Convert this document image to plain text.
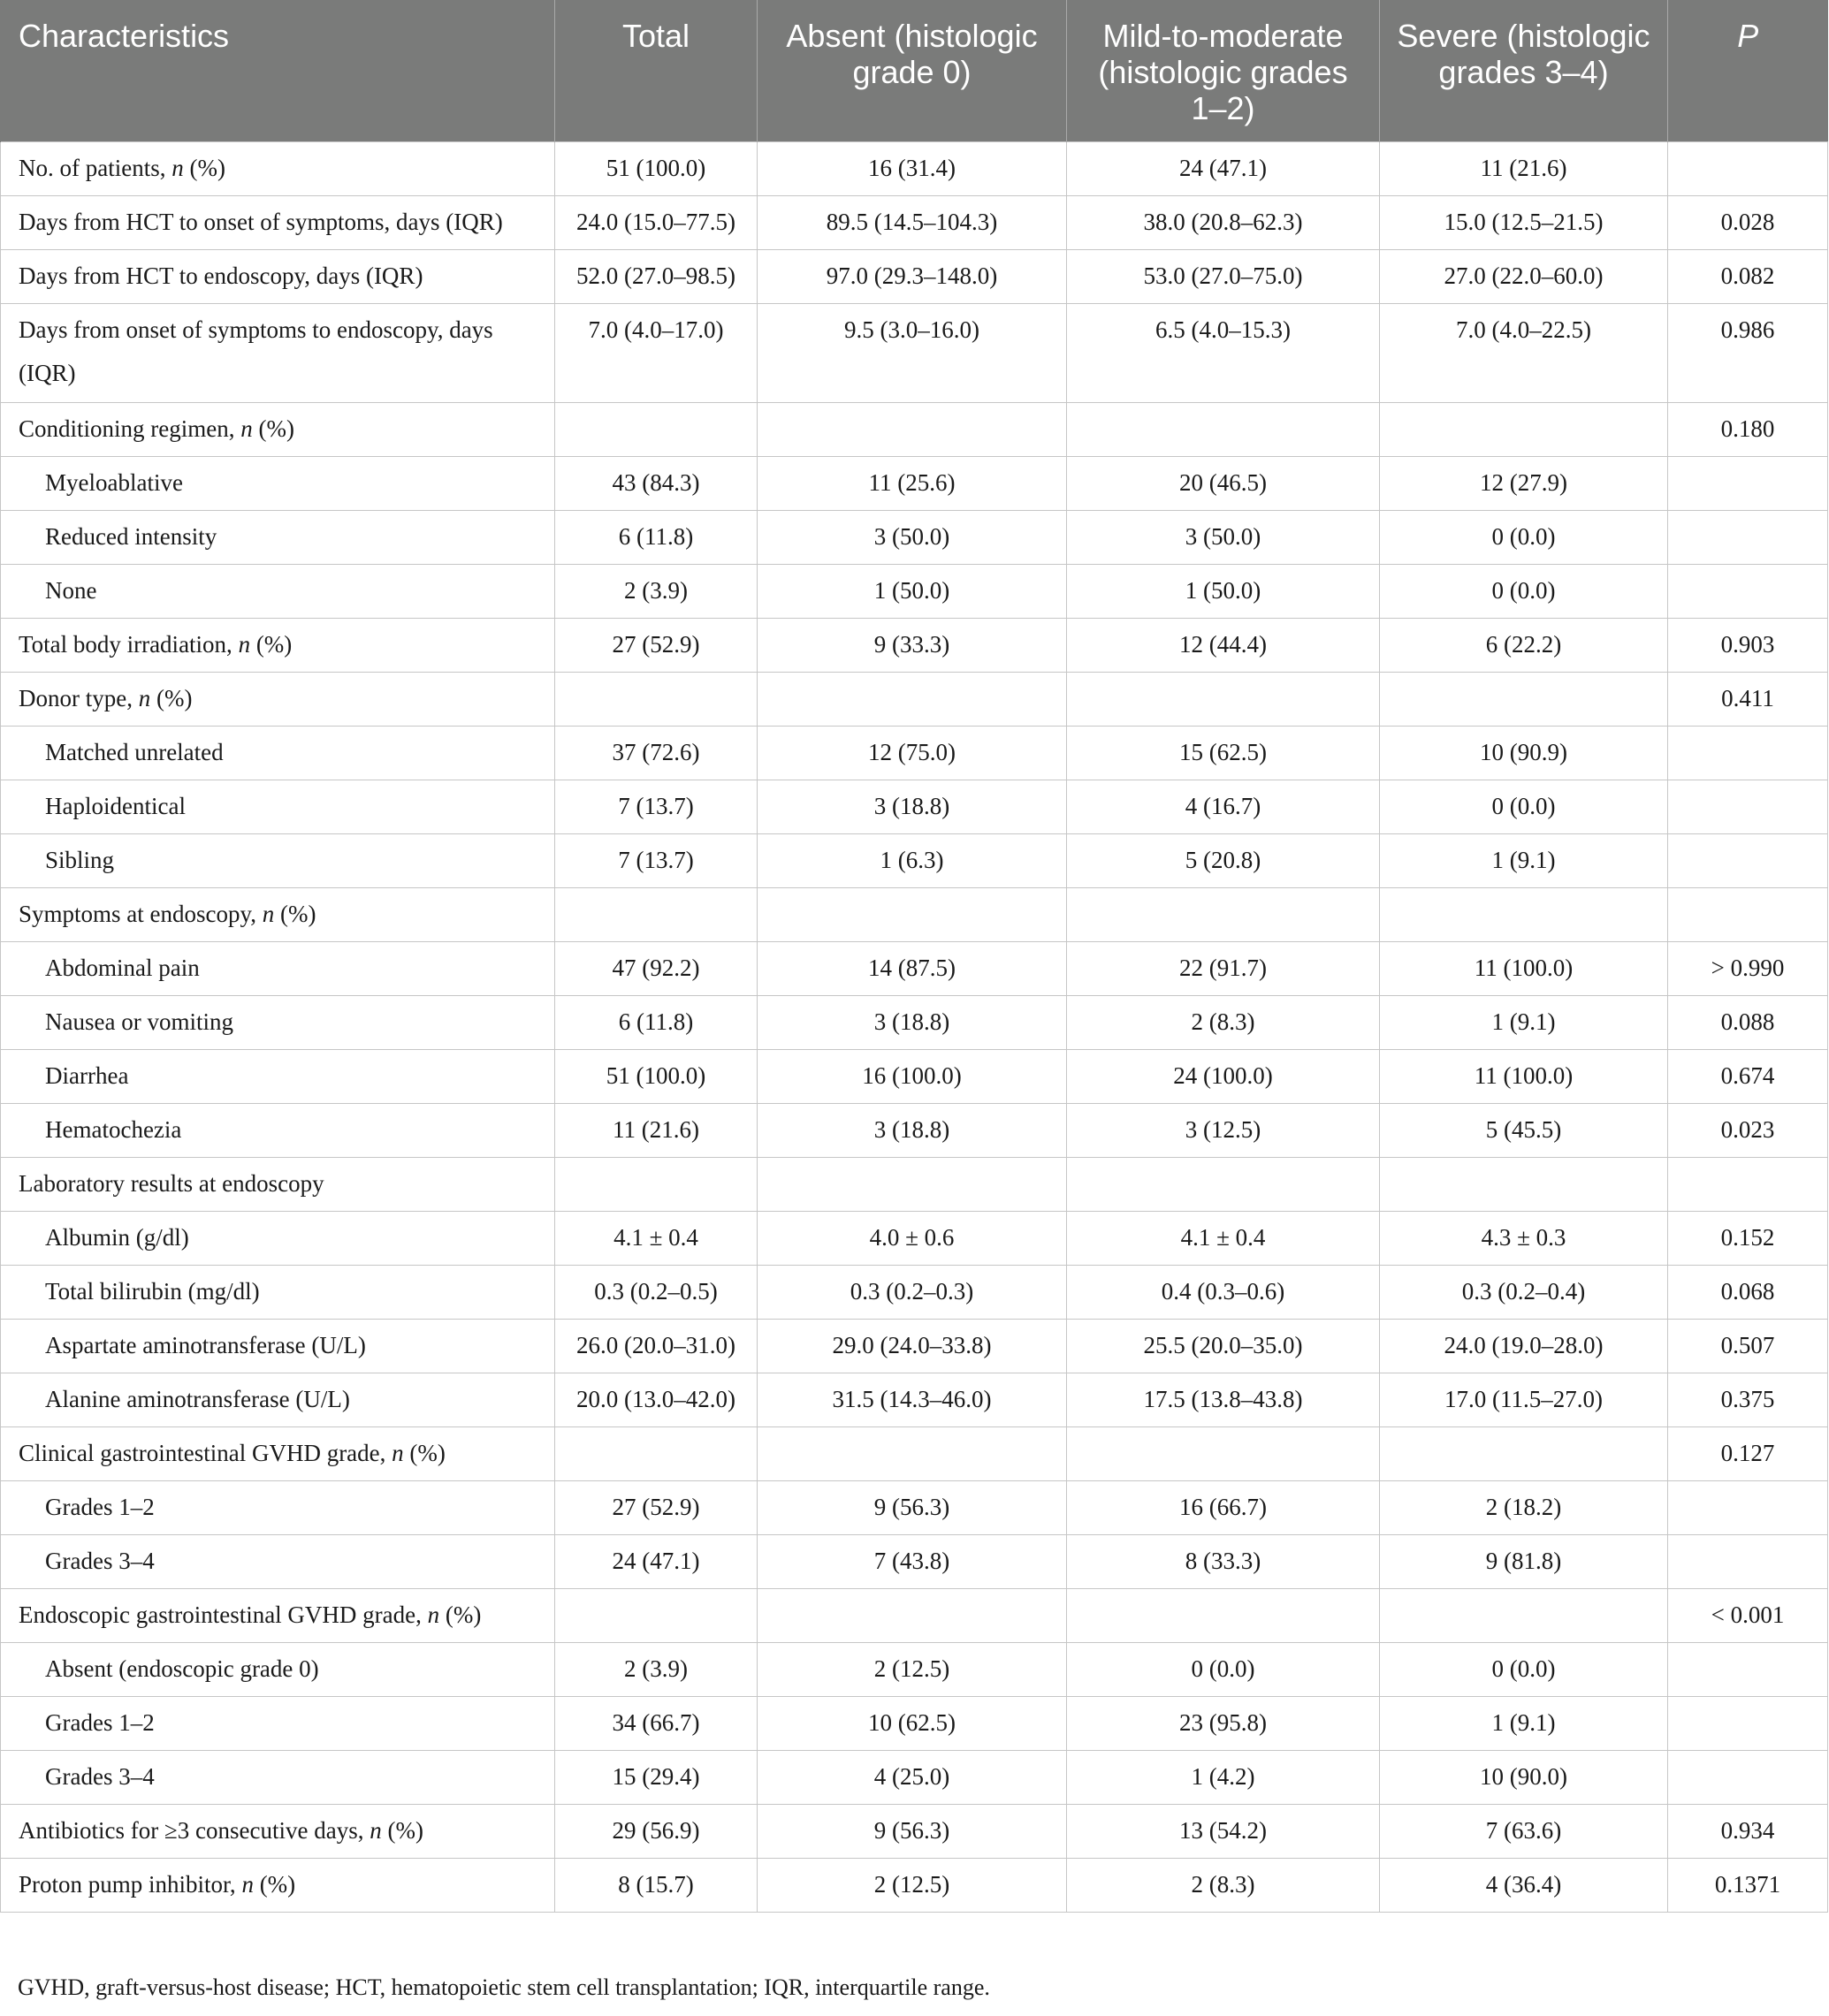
Characteristics	Total	Absent (histologic grade 0)	Mild-to-moderate (histologic grades 1–2)	Severe (histologic grades 3–4)	P
No. of patients, n (%)	51 (100.0)	16 (31.4)	24 (47.1)	11 (21.6)	
Days from HCT to onset of symptoms, days (IQR)	24.0 (15.0–77.5)	89.5 (14.5–104.3)	38.0 (20.8–62.3)	15.0 (12.5–21.5)	0.028
Days from HCT to endoscopy, days (IQR)	52.0 (27.0–98.5)	97.0 (29.3–148.0)	53.0 (27.0–75.0)	27.0 (22.0–60.0)	0.082
Days from onset of symptoms to endoscopy, days (IQR)	7.0 (4.0–17.0)	9.5 (3.0–16.0)	6.5 (4.0–15.3)	7.0 (4.0–22.5)	0.986
Conditioning regimen, n (%)					0.180
Myeloablative	43 (84.3)	11 (25.6)	20 (46.5)	12 (27.9)	
Reduced intensity	6 (11.8)	3 (50.0)	3 (50.0)	0 (0.0)	
None	2 (3.9)	1 (50.0)	1 (50.0)	0 (0.0)	
Total body irradiation, n (%)	27 (52.9)	9 (33.3)	12 (44.4)	6 (22.2)	0.903
Donor type, n (%)					0.411
Matched unrelated	37 (72.6)	12 (75.0)	15 (62.5)	10 (90.9)	
Haploidentical	7 (13.7)	3 (18.8)	4 (16.7)	0 (0.0)	
Sibling	7 (13.7)	1 (6.3)	5 (20.8)	1 (9.1)	
Symptoms at endoscopy, n (%)					
Abdominal pain	47 (92.2)	14 (87.5)	22 (91.7)	11 (100.0)	> 0.990
Nausea or vomiting	6 (11.8)	3 (18.8)	2 (8.3)	1 (9.1)	0.088
Diarrhea	51 (100.0)	16 (100.0)	24 (100.0)	11 (100.0)	0.674
Hematochezia	11 (21.6)	3 (18.8)	3 (12.5)	5 (45.5)	0.023
Laboratory results at endoscopy					
Albumin (g/dl)	4.1 ± 0.4	4.0 ± 0.6	4.1 ± 0.4	4.3 ± 0.3	0.152
Total bilirubin (mg/dl)	0.3 (0.2–0.5)	0.3 (0.2–0.3)	0.4 (0.3–0.6)	0.3 (0.2–0.4)	0.068
Aspartate aminotransferase (U/L)	26.0 (20.0–31.0)	29.0 (24.0–33.8)	25.5 (20.0–35.0)	24.0 (19.0–28.0)	0.507
Alanine aminotransferase (U/L)	20.0 (13.0–42.0)	31.5 (14.3–46.0)	17.5 (13.8–43.8)	17.0 (11.5–27.0)	0.375
Clinical gastrointestinal GVHD grade, n (%)					0.127
Grades 1–2	27 (52.9)	9 (56.3)	16 (66.7)	2 (18.2)	
Grades 3–4	24 (47.1)	7 (43.8)	8 (33.3)	9 (81.8)	
Endoscopic gastrointestinal GVHD grade, n (%)					< 0.001
Absent (endoscopic grade 0)	2 (3.9)	2 (12.5)	0 (0.0)	0 (0.0)	
Grades 1–2	34 (66.7)	10 (62.5)	23 (95.8)	1 (9.1)	
Grades 3–4	15 (29.4)	4 (25.0)	1 (4.2)	10 (90.0)	
Antibiotics for ≥3 consecutive days, n (%)	29 (56.9)	9 (56.3)	13 (54.2)	7 (63.6)	0.934
Proton pump inhibitor, n (%)	8 (15.7)	2 (12.5)	2 (8.3)	4 (36.4)	0.1371
GVHD, graft-versus-host disease; HCT, hematopoietic stem cell transplantation; IQR, interquartile range.
